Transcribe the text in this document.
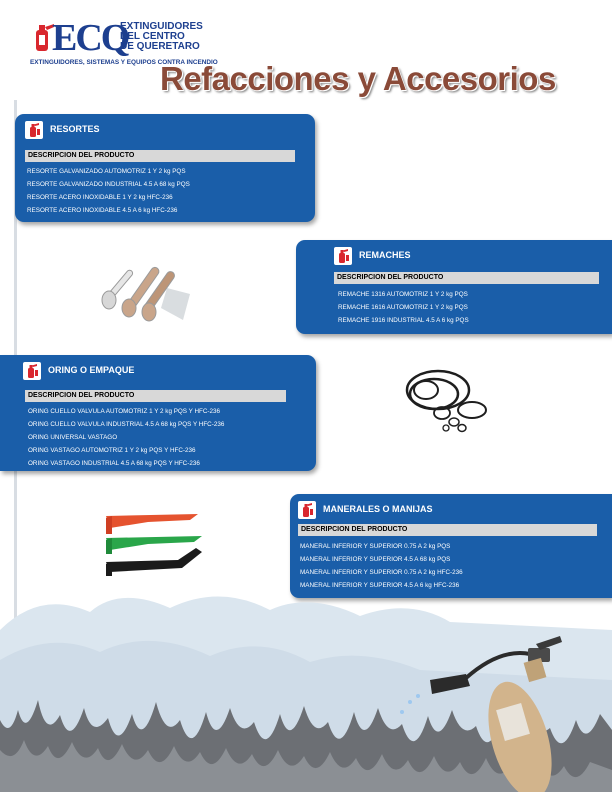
ECQ
EXTINGUIDORES
DEL CENTRO
DE QUERETARO
EXTINGUIDORES, SISTEMAS Y EQUIPOS CONTRA INCENDIO
Refacciones y Accesorios
RESORTES
DESCRIPCION DEL PRODUCTO
RESORTE GALVANIZADO AUTOMOTRIZ 1 Y 2 kg PQS
RESORTE GALVANIZADO INDUSTRIAL 4.5 A 68 kg PQS
RESORTE ACERO INOXIDABLE 1 Y 2 kg HFC-236
RESORTE ACERO INOXIDABLE 4.5 A 6 kg HFC-236
REMACHES
DESCRIPCION DEL PRODUCTO
REMACHE 1316 AUTOMOTRIZ 1 Y 2 kg PQS
REMACHE 1616 AUTOMOTRIZ 1 Y 2 kg PQS
REMACHE 1916 INDUSTRIAL 4.5 A 6 kg PQS
ORING O EMPAQUE
DESCRIPCION DEL PRODUCTO
ORING CUELLO VALVULA AUTOMOTRIZ 1 Y 2 kg PQS Y HFC-236
ORING CUELLO VALVULA INDUSTRIAL 4.5 A 68 kg PQS Y HFC-236
ORING UNIVERSAL VASTAGO
ORING VASTAGO AUTOMOTRIZ 1 Y 2 kg PQS Y HFC-236
ORING VASTAGO INDUSTRIAL 4.5 A 68 kg PQS Y HFC-236
MANERALES O MANIJAS
DESCRIPCION DEL PRODUCTO
MANERAL INFERIOR Y SUPERIOR 0.75 A 2 kg PQS
MANERAL INFERIOR Y SUPERIOR 4.5 A 68 kg PQS
MANERAL INFERIOR Y SUPERIOR 0.75 A 2 kg HFC-236
MANERAL INFERIOR Y SUPERIOR 4.5 A 6 kg HFC-236
